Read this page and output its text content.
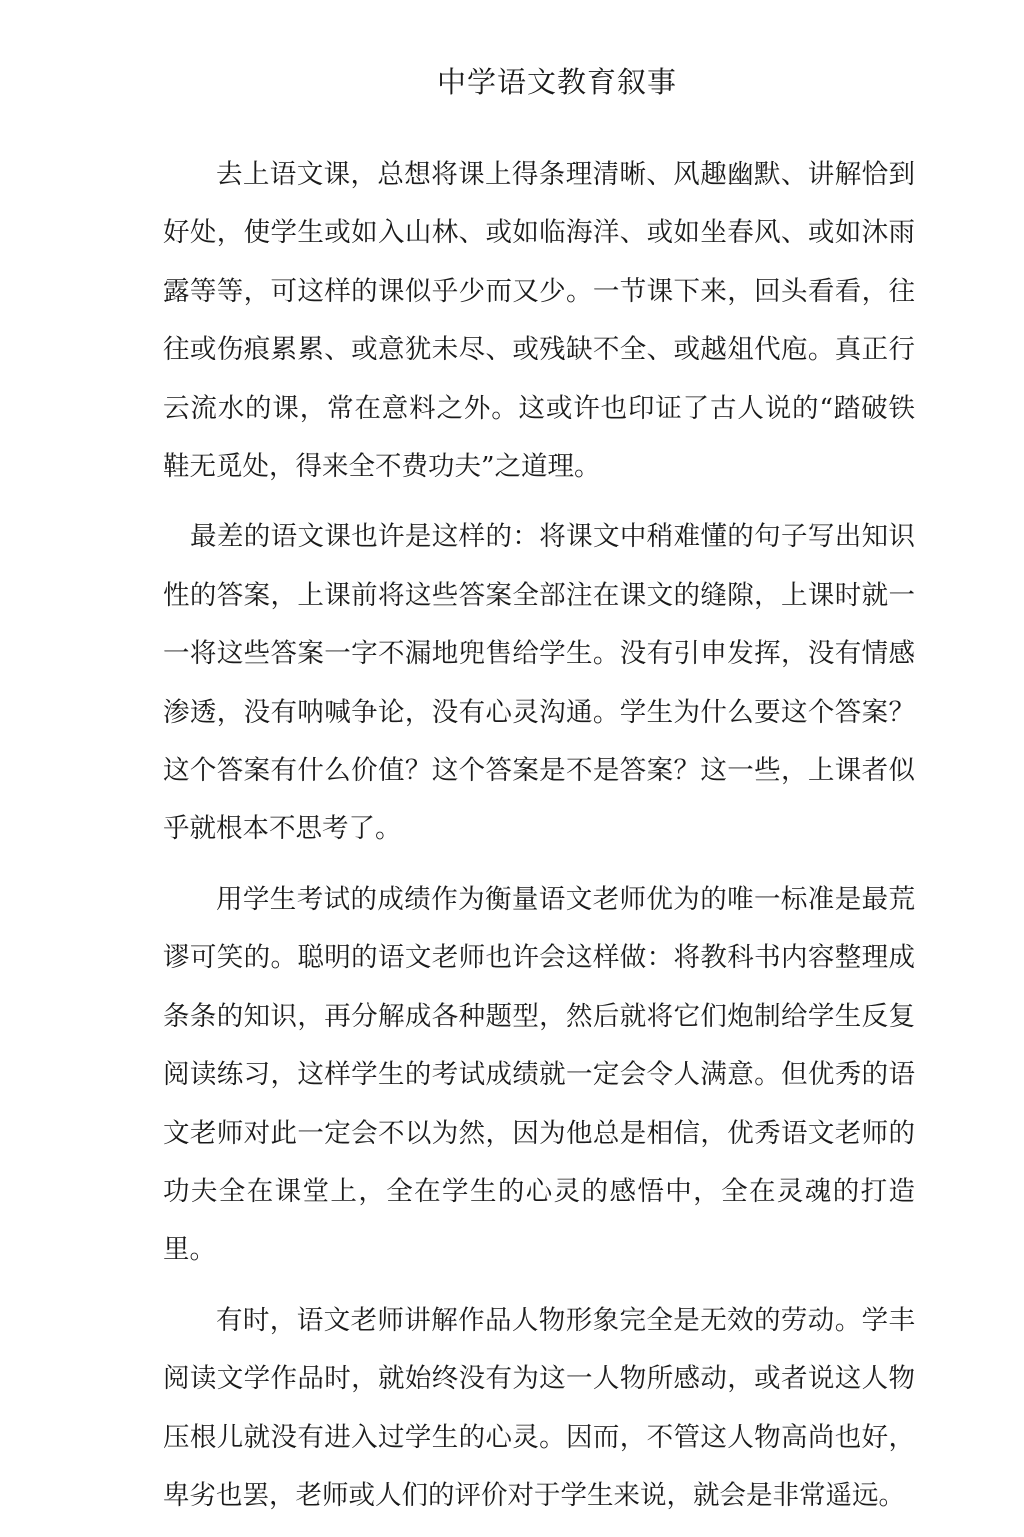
中学语文教育叙事

去上语文课，总想将课上得条理清晰、风趣幽默、讲解恰到好处，使学生或如入山林、或如临海洋、或如坐春风、或如沐雨露等等，可这样的课似乎少而又少。一节课下来，回头看看，往往或伤痕累累、或意犹未尽、或残缺不全、或越俎代庖。真正行云流水的课，常在意料之外。这或许也印证了古人说的“踏破铁鞋无觅处，得来全不费功夫”之道理。

最差的语文课也许是这样的：将课文中稍难懂的句子写出知识性的答案，上课前将这些答案全部注在课文的缝隙，上课时就一一将这些答案一字不漏地兜售给学生。没有引申发挥，没有情感渗透，没有呐喊争论，没有心灵沟通。学生为什么要这个答案？这个答案有什么价值？这个答案是不是答案？这一些，上课者似乎就根本不思考了。

用学生考试的成绩作为衡量语文老师优为的唯一标准是最荒谬可笑的。聪明的语文老师也许会这样做：将教科书内容整理成条条的知识，再分解成各种题型，然后就将它们炮制给学生反复阅读练习，这样学生的考试成绩就一定会令人满意。但优秀的语文老师对此一定会不以为然，因为他总是相信，优秀语文老师的功夫全在课堂上，全在学生的心灵的感悟中，全在灵魂的打造里。

有时，语文老师讲解作品人物形象完全是无效的劳动。学丰阅读文学作品时，就始终没有为这一人物所感动，或者说这人物压根儿就没有进入过学生的心灵。因而，不管这人物高尚也好，卑劣也罢，老师或人们的评价对于学生来说，就会是非常遥远。
